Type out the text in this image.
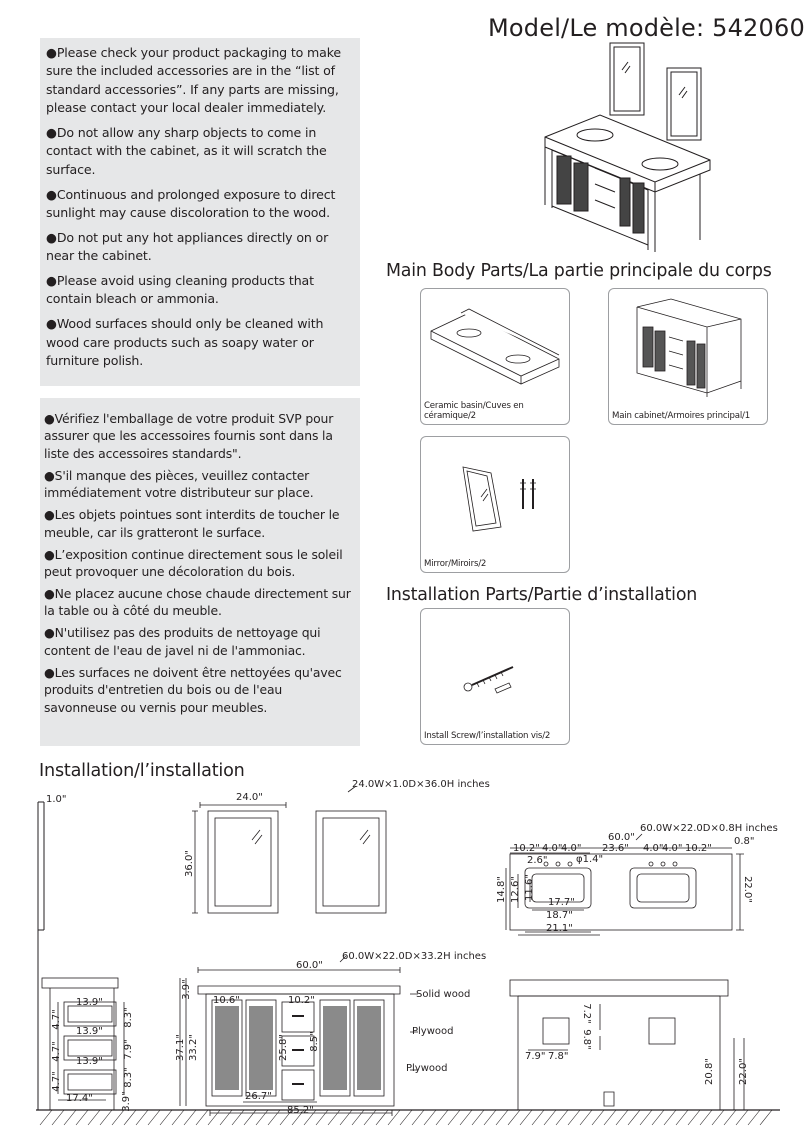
Model/Le modèle: 542060

●Please check your product packaging to make sure the included accessories are in the “list of standard accessories”. If any parts are missing, please contact your local dealer immediately.

●Do not allow any sharp objects to come in contact with the cabinet, as it will scratch the surface.

●Continuous and prolonged exposure to direct sunlight may cause discoloration to the wood.

●Do not put any hot appliances directly on or near the cabinet.

●Please avoid using cleaning products that contain bleach or ammonia.

●Wood surfaces should only be cleaned with wood care products such as soapy water or furniture polish.

●Vérifiez l'emballage de votre produit SVP pour assurer que les accessoires fournis sont dans la liste des accessoires standards".

●S'il manque des pièces, veuillez contacter immédiatement votre distributeur sur place.

●Les objets pointues sont interdits de toucher le meuble, car ils gratteront le surface.

●L’exposition continue directement sous le soleil peut provoquer une décoloration du bois.

●Ne placez aucune chose chaude directement sur la table ou à côté du meuble.

●N'utilisez pas des produits de nettoyage qui content de l'eau de javel ni de l'ammoniac.

●Les surfaces ne doivent être nettoyées qu'avec produits d'entretien du bois ou de l'eau savonneuse ou vernis pour meubles.

Main Body Parts/La partie principale du corps
Ceramic basin/Cuves en céramique/2	Main cabinet/Armoires principal/1
Mirror/Miroirs/2
Installation Parts/Partie d’installation
Install Screw/l’installation vis/2
Installation/l’installation
1.0"
24.0W×1.0D×36.0H inches
24.0"
36.0"
60.0W×22.0D×0.8H inches
60.0"
23.6"
0.8"
10.2" 4.0"
4.0"	4.0"
4.0" 10.2"
2.6"	φ1.4"
14.8" 12.6" 11.6"
17.7"
18.7"
21.1"
22.0"
60.0W×22.0D×33.2H inches
60.0"
10.6"	10.2"
3.9"
37.1" 33.2"	25.8" 8.5"
3.9"	26.7"
85.2"
Solid wood
Plywood
Plywood
13.9"
13.9"
13.9"
4.7"
4.7"
4.7"
8.3"
7.9"
8.3"
17.4"
7.2"
9.8"
7.9" 7.8"
20.8" 22.0"
